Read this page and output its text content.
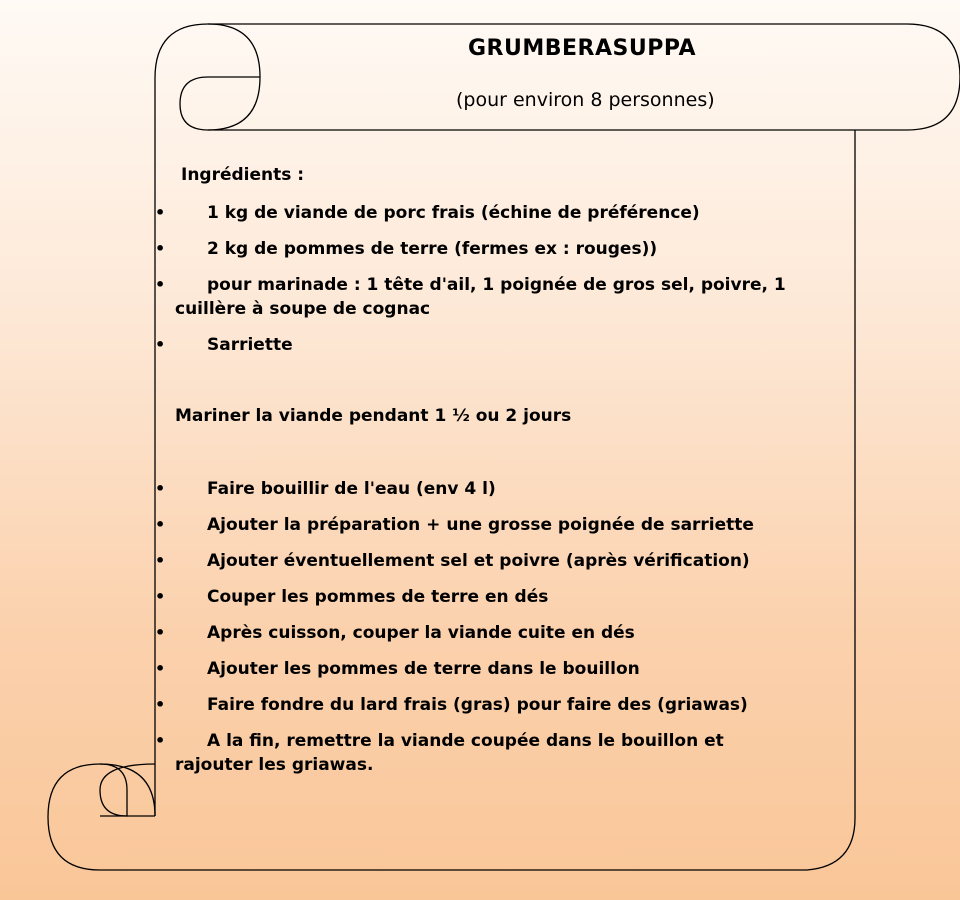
GRUMBERASUPPA
(pour environ 8 personnes)
Ingrédients :
•	1 kg de viande de porc frais (échine de préférence)
•	2 kg de pommes de terre (fermes ex : rouges))
•	pour marinade : 1 tête d'ail, 1 poignée de gros sel, poivre, 1 cuillère à soupe de cognac
•	Sarriette
Mariner la viande pendant 1 ½ ou 2 jours
•	Faire bouillir de l'eau (env 4 l)
•	Ajouter la préparation + une grosse poignée de sarriette
•	Ajouter éventuellement sel et poivre (après vérification)
•	Couper les pommes de terre en dés
•	Après cuisson, couper la viande cuite en dés
•	Ajouter les pommes de terre dans le bouillon
•	Faire fondre du lard frais (gras) pour faire des (griawas)
•	A la fin, remettre la viande coupée dans le bouillon et rajouter les griawas.
